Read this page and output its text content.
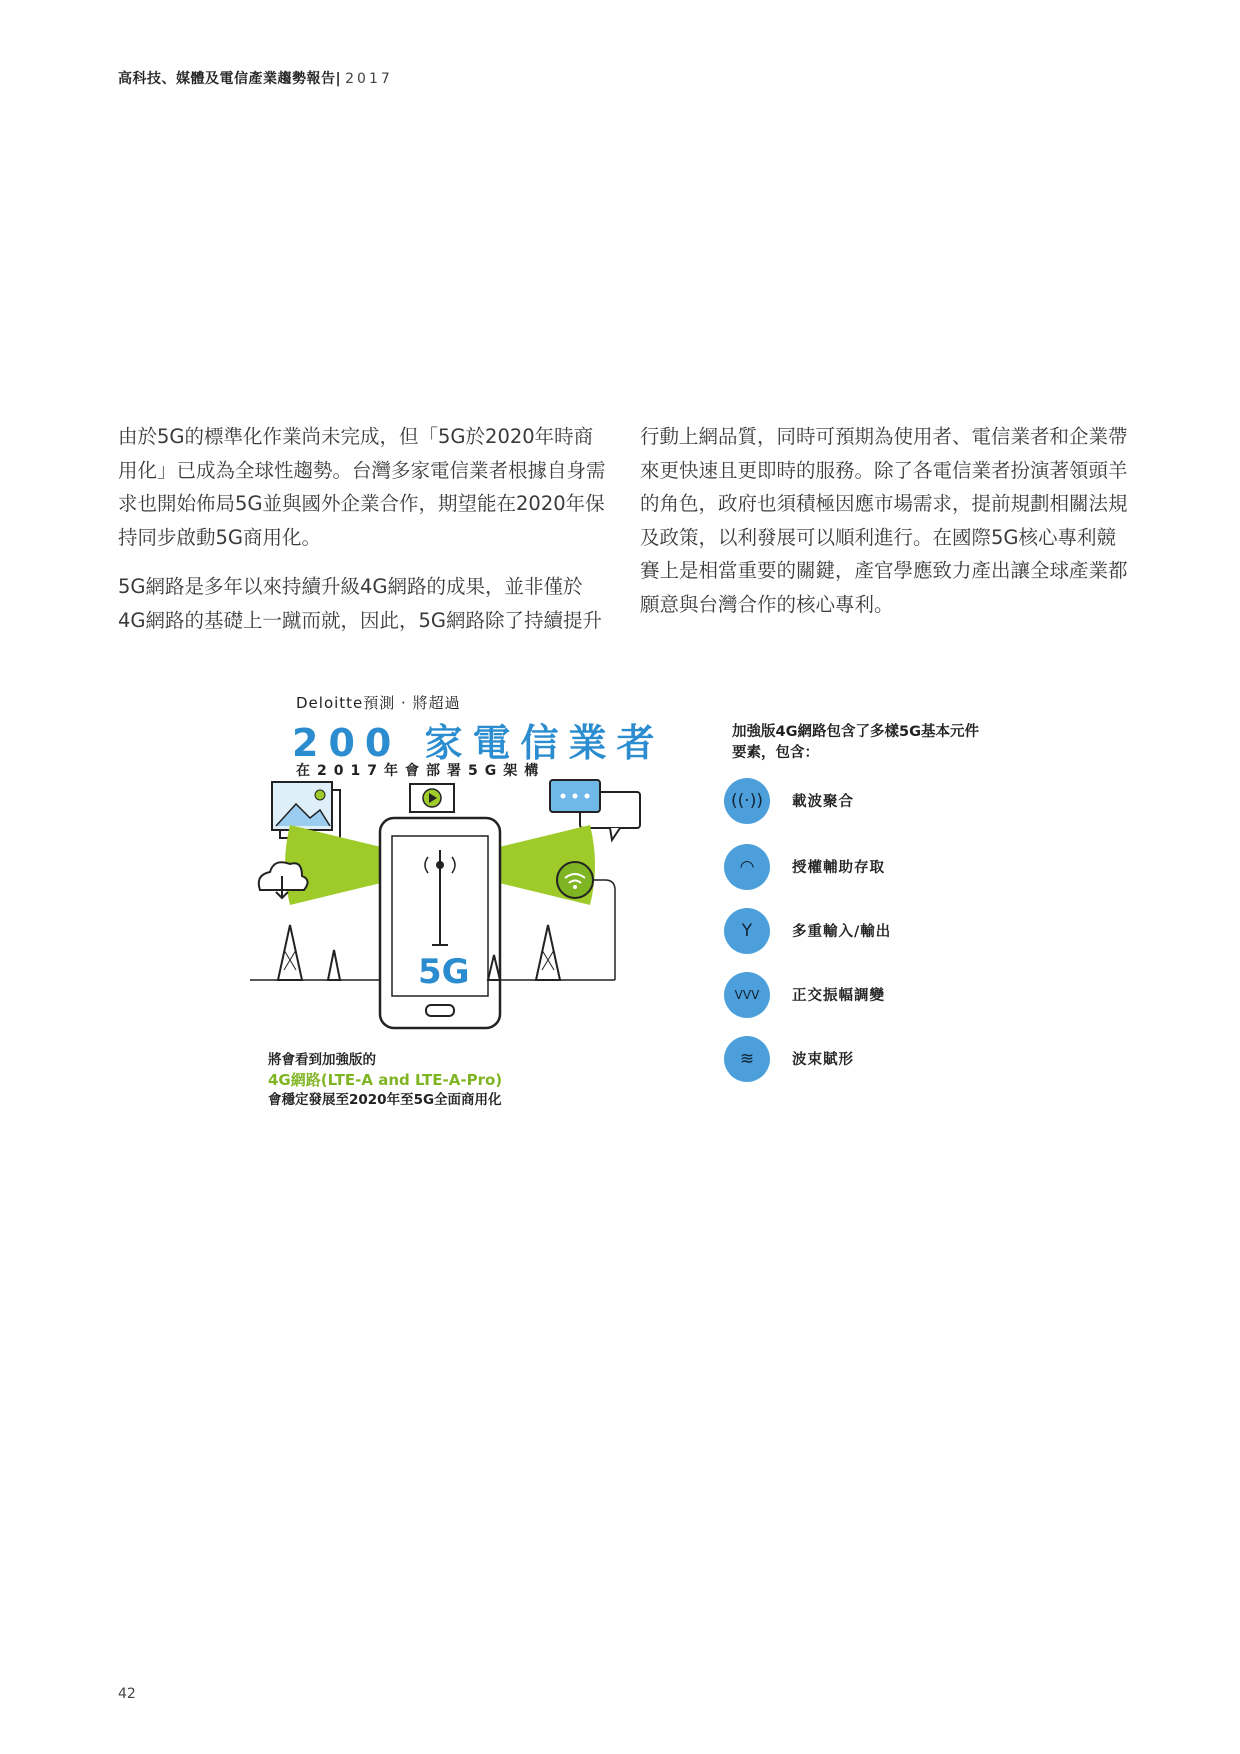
高科技、媒體及電信產業趨勢報告| 2017

由於5G的標準化作業尚未完成，但「5G於2020年時商用化」已成為全球性趨勢。台灣多家電信業者根據自身需求也開始佈局5G並與國外企業合作，期望能在2020年保持同步啟動5G商用化。

5G網路是多年以來持續升級4G網路的成果，並非僅於4G網路的基礎上一蹴而就，因此，5G網路除了持續提升

行動上網品質，同時可預期為使用者、電信業者和企業帶來更快速且更即時的服務。除了各電信業者扮演著領頭羊的角色，政府也須積極因應市場需求，提前規劃相關法規及政策，以利發展可以順利進行。在國際5G核心專利競賽上是相當重要的關鍵，產官學應致力產出讓全球產業都願意與台灣合作的核心專利。

Deloitte預測 · 將超過
200 家電信業者
在2017年會部署5G架構
5G
將會看到加強版的
4G網路(LTE-A and LTE-A-Pro)
會穩定發展至2020年至5G全面商用化
加強版4G網路包含了多樣5G基本元件要素，包含：
((·))	載波聚合
◠	授權輔助存取
Y	多重輸入/輸出
VVV	正交振幅調變
≋	波束賦形
42
